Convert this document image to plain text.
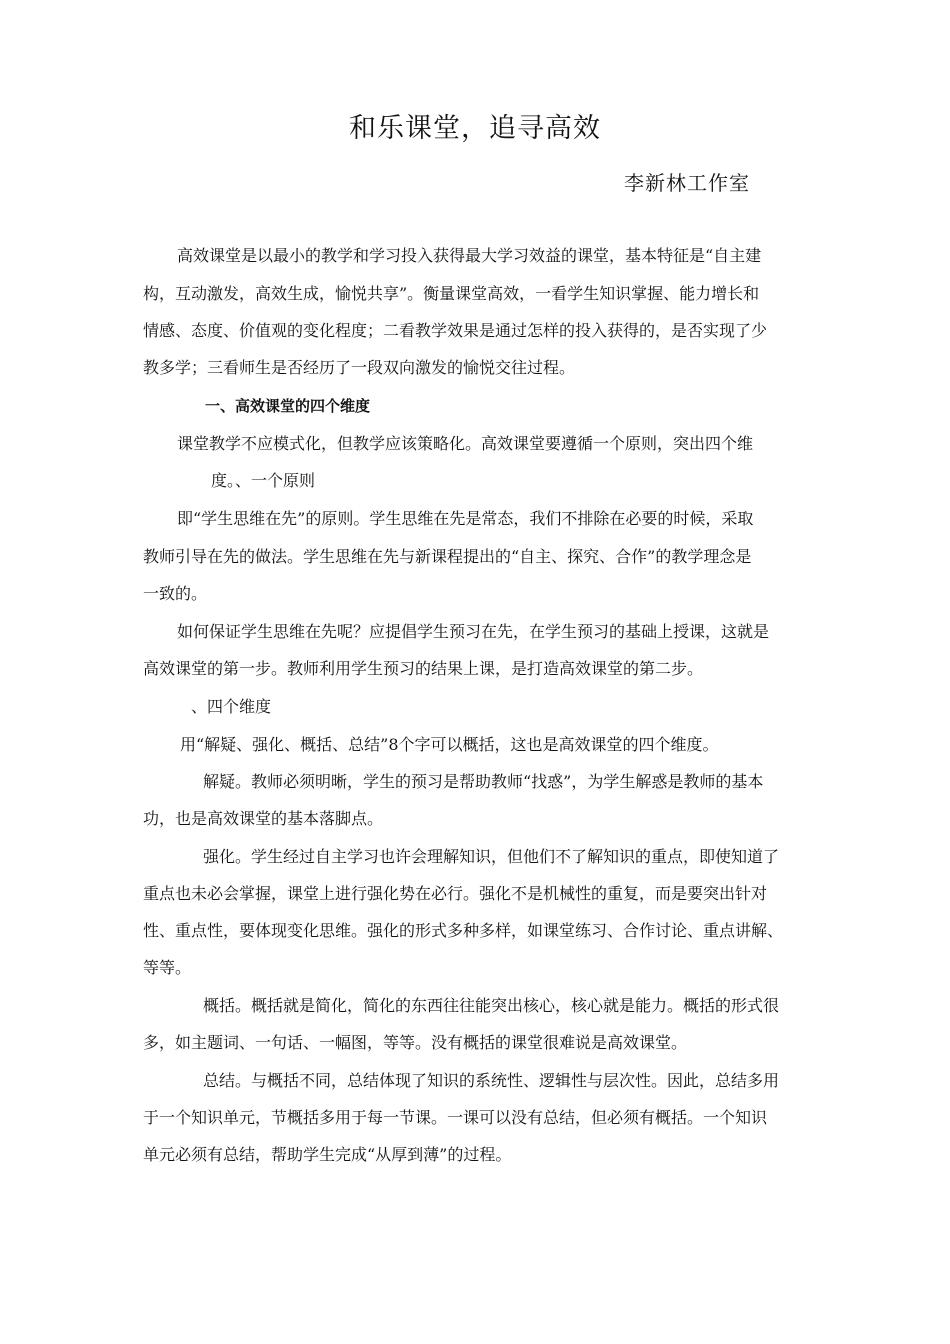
和乐课堂，追寻高效
李新林工作室
高效课堂是以最小的教学和学习投入获得最大学习效益的课堂，基本特征是“自主建
构，互动激发，高效生成，愉悦共享”。衡量课堂高效，一看学生知识掌握、能力增长和
情感、态度、价值观的变化程度；二看教学效果是通过怎样的投入获得的，是否实现了少
教多学；三看师生是否经历了一段双向激发的愉悦交往过程。
一、高效课堂的四个维度
课堂教学不应模式化，但教学应该策略化。高效课堂要遵循一个原则，突出四个维
度。、一个原则
即“学生思维在先”的原则。学生思维在先是常态，我们不排除在必要的时候，采取
教师引导在先的做法。学生思维在先与新课程提出的“自主、探究、合作”的教学理念是
一致的。
如何保证学生思维在先呢？应提倡学生预习在先，在学生预习的基础上授课，这就是
高效课堂的第一步。教师利用学生预习的结果上课，是打造高效课堂的第二步。
、四个维度
用“解疑、强化、概括、总结”8个字可以概括，这也是高效课堂的四个维度。
解疑。教师必须明晰，学生的预习是帮助教师“找惑”，为学生解惑是教师的基本
功，也是高效课堂的基本落脚点。
强化。学生经过自主学习也许会理解知识，但他们不了解知识的重点，即使知道了
重点也未必会掌握，课堂上进行强化势在必行。强化不是机械性的重复，而是要突出针对
性、重点性，要体现变化思维。强化的形式多种多样，如课堂练习、合作讨论、重点讲解、
等等。
概括。概括就是简化，简化的东西往往能突出核心，核心就是能力。概括的形式很
多，如主题词、一句话、一幅图，等等。没有概括的课堂很难说是高效课堂。
总结。与概括不同，总结体现了知识的系统性、逻辑性与层次性。因此，总结多用
于一个知识单元，节概括多用于每一节课。一课可以没有总结，但必须有概括。一个知识
单元必须有总结，帮助学生完成“从厚到薄”的过程。
